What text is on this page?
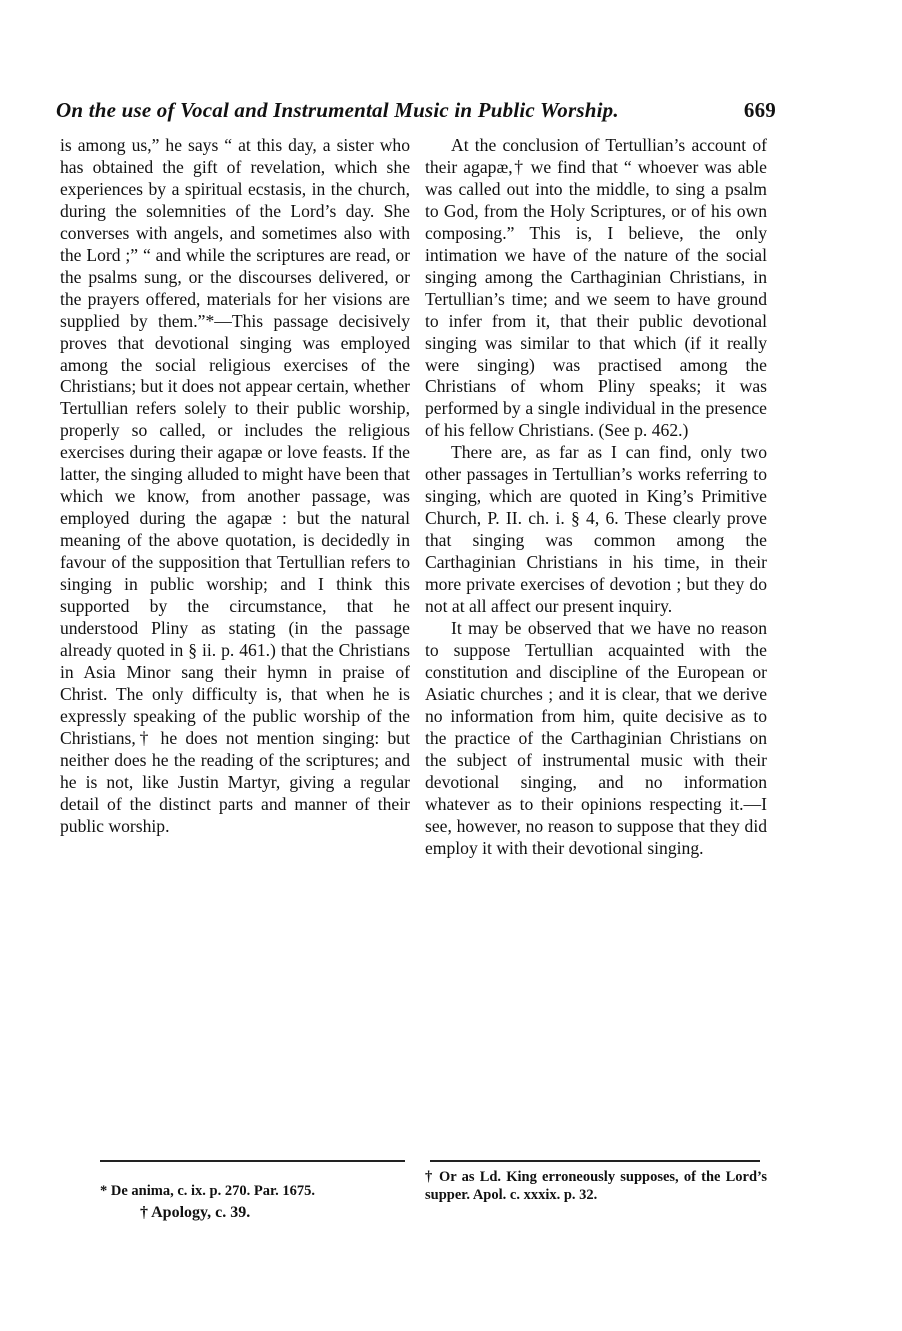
On the use of Vocal and Instrumental Music in Public Worship.	669

is among us,” he says “ at this day, a sister who has obtained the gift of revelation, which she experiences by a spiritual ecstasis, in the church, during the solemnities of the Lord’s day. She converses with angels, and sometimes also with the Lord ;” “ and while the scriptures are read, or the psalms sung, or the discourses delivered, or the prayers offered, materials for her visions are supplied by them.”*—This passage decisively proves that devotional singing was employed among the social religious exercises of the Christians; but it does not appear certain, whether Tertullian refers solely to their public worship, properly so called, or includes the religious exercises during their agapæ or love feasts. If the latter, the singing alluded to might have been that which we know, from another passage, was employed during the agapæ : but the natural meaning of the above quotation, is decidedly in favour of the supposition that Tertullian refers to singing in public worship; and I think this supported by the circumstance, that he understood Pliny as stating (in the passage already quoted in § ii. p. 461.) that the Christians in Asia Minor sang their hymn in praise of Christ. The only difficulty is, that when he is expressly speaking of the public worship of the Christians,† he does not mention singing: but neither does he the reading of the scriptures; and he is not, like Justin Martyr, giving a regular detail of the distinct parts and manner of their public worship.

At the conclusion of Tertullian’s account of their agapæ,† we find that “ whoever was able was called out into the middle, to sing a psalm to God, from the Holy Scriptures, or of his own composing.” This is, I believe, the only intimation we have of the nature of the social singing among the Carthaginian Christians, in Tertullian’s time; and we seem to have ground to infer from it, that their public devotional singing was similar to that which (if it really were singing) was practised among the Christians of whom Pliny speaks; it was performed by a single individual in the presence of his fellow Christians. (See p. 462.)

There are, as far as I can find, only two other passages in Tertullian’s works referring to singing, which are quoted in King’s Primitive Church, P. II. ch. i. § 4, 6. These clearly prove that singing was common among the Carthaginian Christians in his time, in their more private exercises of devotion ; but they do not at all affect our present inquiry.

It may be observed that we have no reason to suppose Tertullian acquainted with the constitution and discipline of the European or Asiatic churches ; and it is clear, that we derive no information from him, quite decisive as to the practice of the Carthaginian Christians on the subject of instrumental music with their devotional singing, and no information whatever as to their opinions respecting it.—I see, however, no reason to suppose that they did employ it with their devotional singing.

* De anima, c. ix. p. 270. Par. 1675.
† Apology, c. 39.
† Or as Ld. King erroneously supposes, of the Lord’s supper. Apol. c. xxxix. p. 32.
